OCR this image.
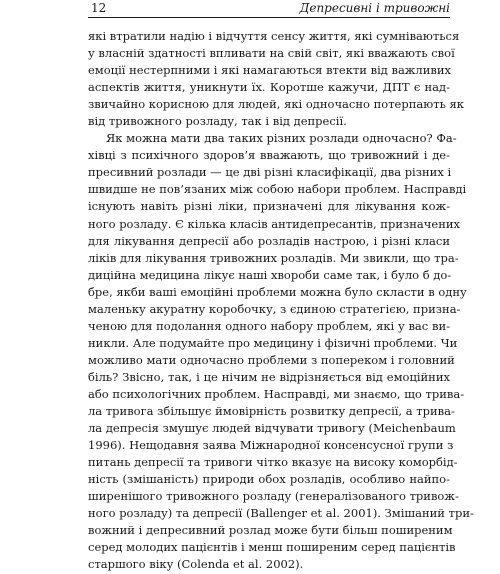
12	Депресивні і тривожні
які втратили надію і відчуття сенсу життя, які сумніваються
у власній здатності впливати на свій світ, які вважають свої
емоції нестерпними і які намагаються втекти від важливих
аспектів життя, уникнути їх. Коротше кажучи, ДПТ є над-
звичайно корисною для людей, які одночасно потерпають як
від тривожного розладу, так і від депресії.
Як можна мати два таких різних розлади одночасно? Фа-
хівці з психічного здоров’я вважають, що тривожний і де-
пресивний розлади — це дві різні класифікації, два різних і
швидше не пов’язаних між собою набори проблем. Насправді
існують навіть різні ліки, призначені для лікування кож-
ного розладу. Є кілька класів антидепресантів, призначених
для лікування депресії або розладів настрою, і різні класи
ліків для лікування тривожних розладів. Ми звикли, що тра-
диційна медицина лікує наші хвороби саме так, і було б до-
бре, якби ваші емоційні проблеми можна було скласти в одну
маленьку акуратну коробочку, з єдиною стратегією, призна-
ченою для подолання одного набору проблем, які у вас ви-
никли. Але подумайте про медицину і фізичні проблеми. Чи
можливо мати одночасно проблеми з попереком і головний
біль? Звісно, так, і це нічим не відрізняється від емоційних
або психологічних проблем. Насправді, ми знаємо, що трива-
ла тривога збільшує ймовірність розвитку депресії, а трива-
ла депресія змушує людей відчувати тривогу (Meichenbaum
1996). Нещодавня заява Міжнародної консенсусної групи з
питань депресії та тривоги чітко вказує на високу коморбід-
ність (змішаність) природи обох розладів, особливо найпо-
ширенішого тривожного розладу (генералізованого тривож-
ного розладу) та депресії (Ballenger et al. 2001). Змішаний три-
вожний і депресивний розлад може бути більш поширеним
серед молодих пацієнтів і менш поширеним серед пацієнтів
старшого віку (Colenda et al. 2002).
